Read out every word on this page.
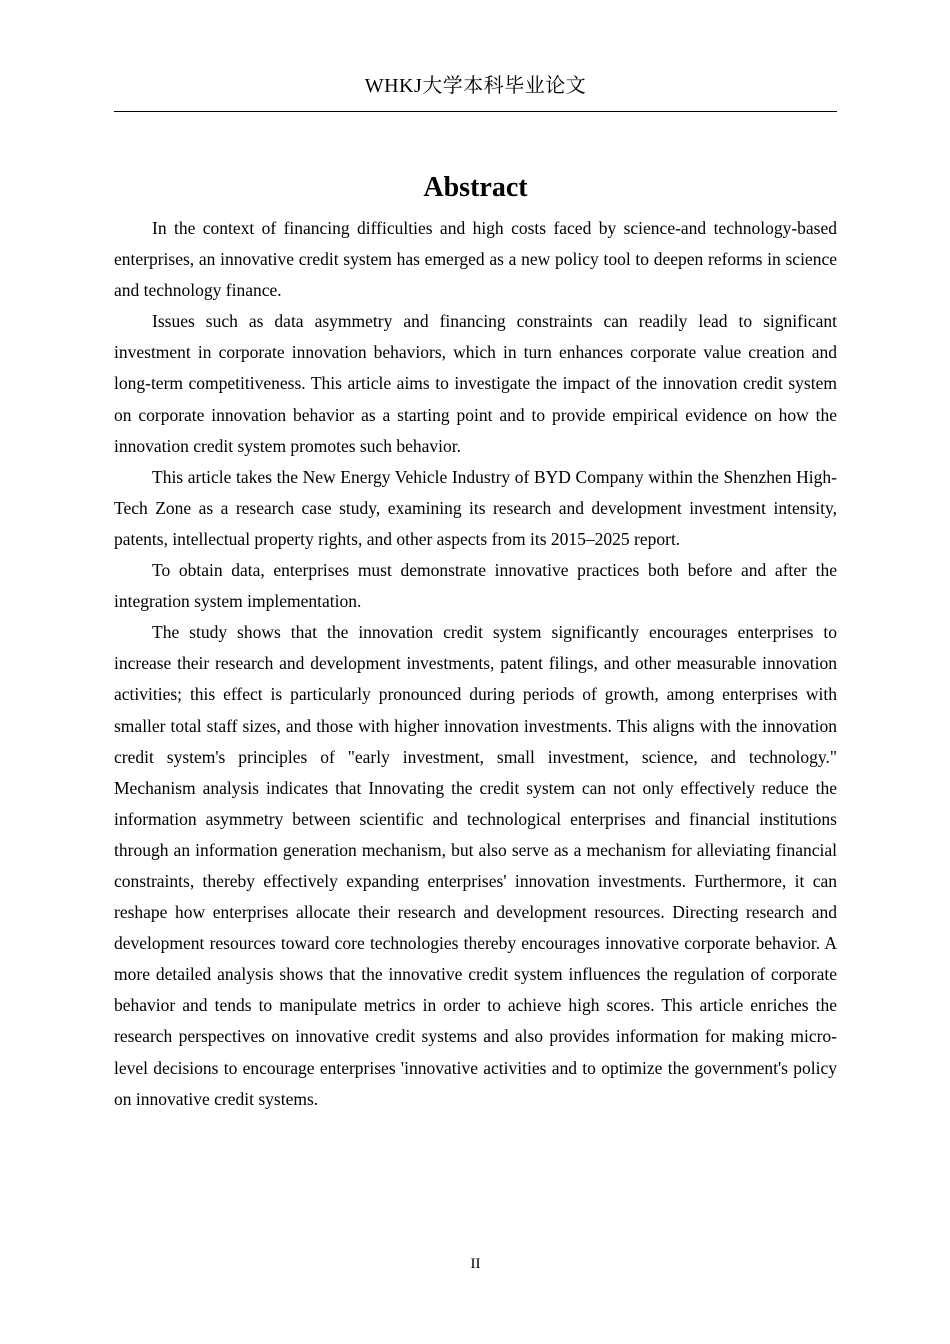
WHKJ大学本科毕业论文
Abstract

In the context of financing difficulties and high costs faced by science-and technology-based enterprises, an innovative credit system has emerged as a new policy tool to deepen reforms in science and technology finance.

Issues such as data asymmetry and financing constraints can readily lead to significant investment in corporate innovation behaviors, which in turn enhances corporate value creation and long-term competitiveness. This article aims to investigate the impact of the innovation credit system on corporate innovation behavior as a starting point and to provide empirical evidence on how the innovation credit system promotes such behavior.

This article takes the New Energy Vehicle Industry of BYD Company within the Shenzhen High-Tech Zone as a research case study, examining its research and development investment intensity, patents, intellectual property rights, and other aspects from its 2015–2025 report.

To obtain data, enterprises must demonstrate innovative practices both before and after the integration system implementation.

The study shows that the innovation credit system significantly encourages enterprises to increase their research and development investments, patent filings, and other measurable innovation activities; this effect is particularly pronounced during periods of growth, among enterprises with smaller total staff sizes, and those with higher innovation investments. This aligns with the innovation credit system's principles of "early investment, small investment, science, and technology." Mechanism analysis indicates that Innovating the credit system can not only effectively reduce the information asymmetry between scientific and technological enterprises and financial institutions through an information generation mechanism, but also serve as a mechanism for alleviating financial constraints, thereby effectively expanding enterprises' innovation investments. Furthermore, it can reshape how enterprises allocate their research and development resources. Directing research and development resources toward core technologies thereby encourages innovative corporate behavior. A more detailed analysis shows that the innovative credit system influences the regulation of corporate behavior and tends to manipulate metrics in order to achieve high scores. This article enriches the research perspectives on innovative credit systems and also provides information for making micro-level decisions to encourage enterprises 'innovative activities and to optimize the government's policy on innovative credit systems.

II
